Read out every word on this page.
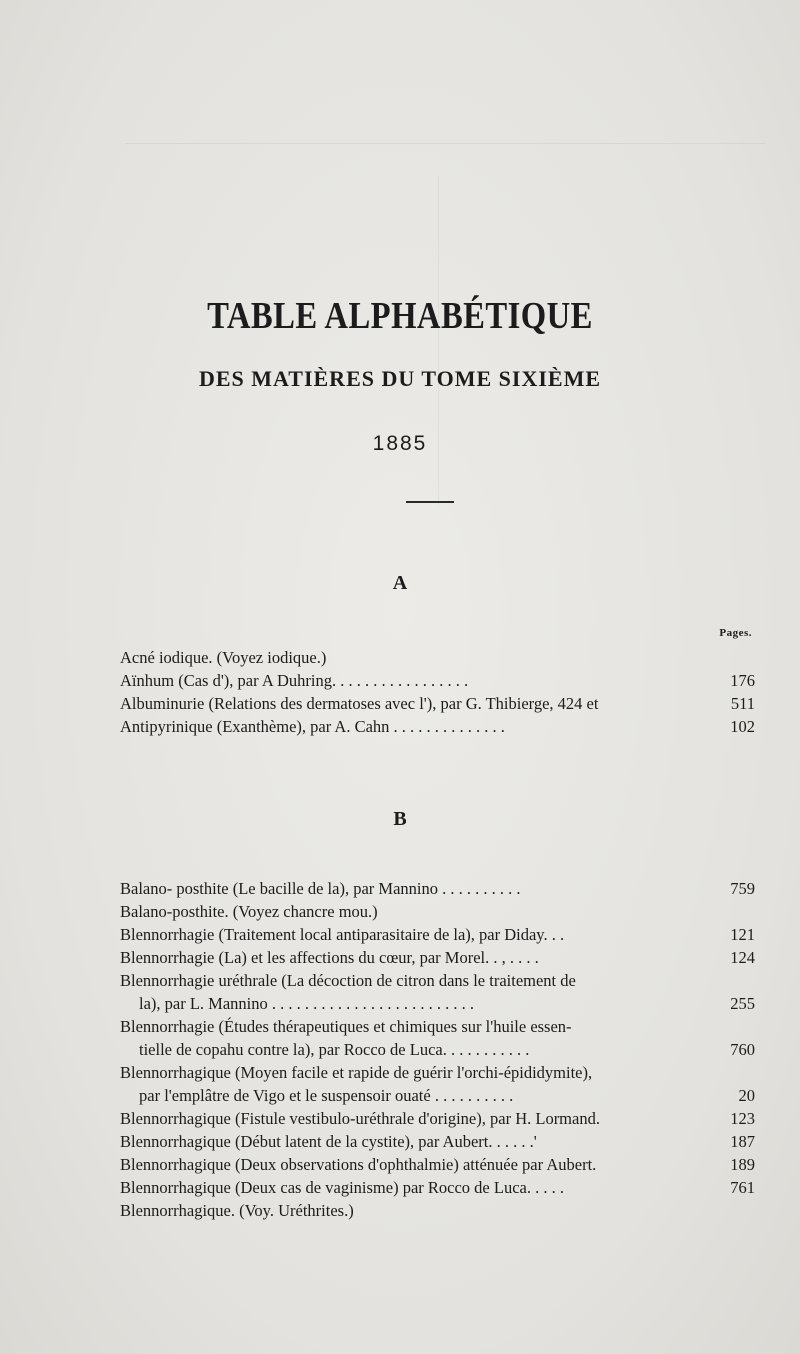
TABLE ALPHABÉTIQUE
DES MATIÈRES DU TOME SIXIÈME
1885
A
Pages.
Acné iodique. (Voyez iodique.)
Aïnhum (Cas d'), par A Duhring. . . . . . . . . . . . . . . . .	176
Albuminurie (Relations des dermatoses avec l'), par G. Thibierge, 424 et	511
Antipyrinique (Exanthème), par A. Cahn . . . . . . . . . . . . . .	102
B
Balano- posthite (Le bacille de la), par Mannino . . . . . . . . . .	759
Balano-posthite. (Voyez chancre mou.)
Blennorrhagie (Traitement local antiparasitaire de la), par Diday. . .	121
Blennorrhagie (La) et les affections du cœur, par Morel. . , . . . .	124
Blennorrhagie uréthrale (La décoction de citron dans le traitement de
la), par L. Mannino . . . . . . . . . . . . . . . . . . . . . . . . .	255
Blennorrhagie (Études thérapeutiques et chimiques sur l'huile essen-
tielle de copahu contre la), par Rocco de Luca. . . . . . . . . . .	760
Blennorrhagique (Moyen facile et rapide de guérir l'orchi-épididymite),
par l'emplâtre de Vigo et le suspensoir ouaté . . . . . . . . . .	20
Blennorrhagique (Fistule vestibulo-uréthrale d'origine), par H. Lormand.	123
Blennorrhagique (Début latent de la cystite), par Aubert. . . . . .'	187
Blennorrhagique (Deux observations d'ophthalmie) atténuée par Aubert.	189
Blennorrhagique (Deux cas de vaginisme) par Rocco de Luca. . . . .	761
Blennorrhagique. (Voy. Uréthrites.)
